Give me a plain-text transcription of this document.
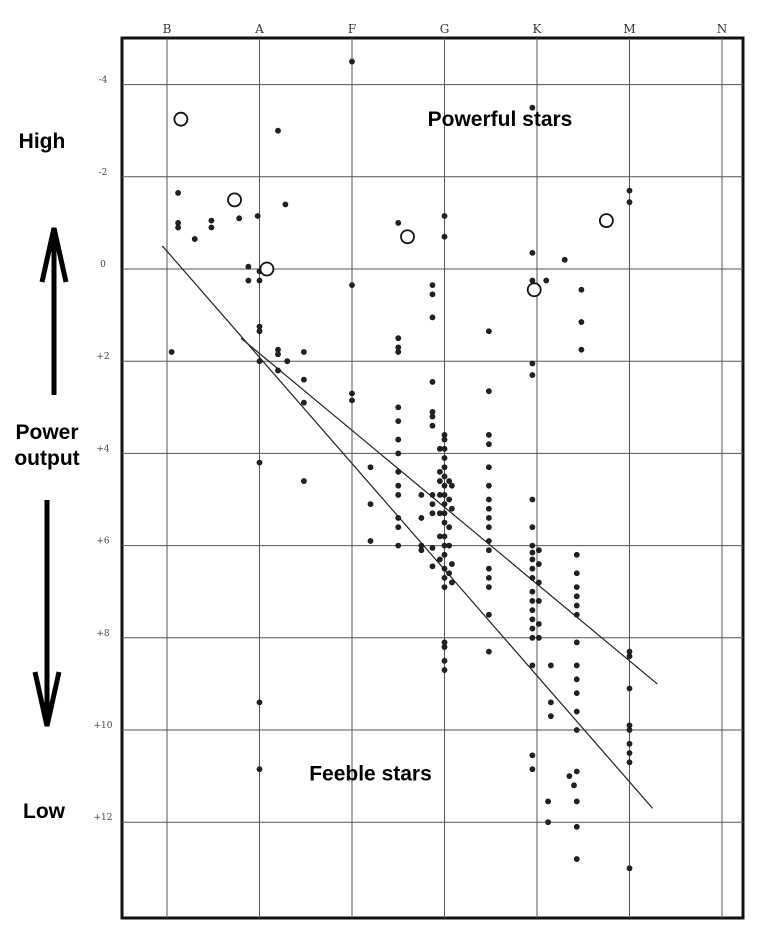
B	A	F	G	K	M	N
-4
-2
0
+2
+4
+6
+8
+10
+12
Powerful stars
Feeble stars
High
Power output
Low
